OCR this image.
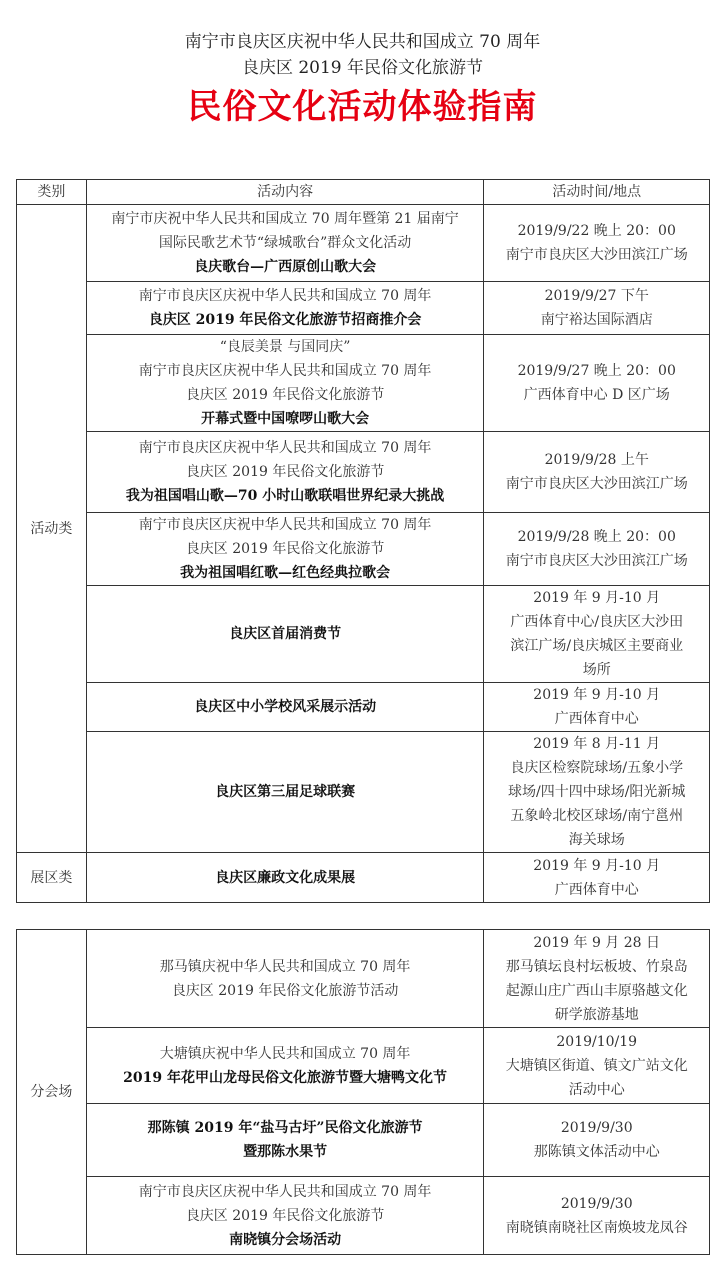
南宁市良庆区庆祝中华人民共和国成立 70 周年
良庆区 2019 年民俗文化旅游节
民俗文化活动体验指南
类别	活动内容	活动时间/地点
活动类	南宁市庆祝中华人民共和国成立 70 周年暨第 21 届南宁
国际民歌艺术节“绿城歌台”群众文化活动
良庆歌台—广西原创山歌大会	2019/9/22 晚上 20：00
南宁市良庆区大沙田滨江广场

	南宁市良庆区庆祝中华人民共和国成立 70 周年
良庆区 2019 年民俗文化旅游节招商推介会	2019/9/27 下午
南宁裕达国际酒店

	“良辰美景 与国同庆”
南宁市良庆区庆祝中华人民共和国成立 70 周年
良庆区 2019 年民俗文化旅游节
开幕式暨中国嘹啰山歌大会	2019/9/27 晚上 20：00
广西体育中心 D 区广场

	南宁市良庆区庆祝中华人民共和国成立 70 周年
良庆区 2019 年民俗文化旅游节
我为祖国唱山歌—70 小时山歌联唱世界纪录大挑战	2019/9/28 上午
南宁市良庆区大沙田滨江广场

	南宁市良庆区庆祝中华人民共和国成立 70 周年
良庆区 2019 年民俗文化旅游节
我为祖国唱红歌—红色经典拉歌会	2019/9/28 晚上 20：00
南宁市良庆区大沙田滨江广场

	良庆区首届消费节	2019 年 9 月-10 月
广西体育中心/良庆区大沙田
滨江广场/良庆城区主要商业
场所

	良庆区中小学校风采展示活动	2019 年 9 月-10 月
广西体育中心

	良庆区第三届足球联赛	2019 年 8 月-11 月
良庆区检察院球场/五象小学
球场/四十四中球场/阳光新城
五象岭北校区球场/南宁邕州
海关球场

展区类	良庆区廉政文化成果展	2019 年 9 月-10 月
广西体育中心
分会场	那马镇庆祝中华人民共和国成立 70 周年
良庆区 2019 年民俗文化旅游节活动	2019 年 9 月 28 日
那马镇坛良村坛板坡、竹泉岛
起源山庄广西山丰原骆越文化
研学旅游基地

	大塘镇庆祝中华人民共和国成立 70 周年
2019 年花甲山龙母民俗文化旅游节暨大塘鸭文化节	2019/10/19
大塘镇区街道、镇文广站文化
活动中心

	那陈镇 2019 年“盐马古圩”民俗文化旅游节
暨那陈水果节	2019/9/30
那陈镇文体活动中心

	南宁市良庆区庆祝中华人民共和国成立 70 周年
良庆区 2019 年民俗文化旅游节
南晓镇分会场活动	2019/9/30
南晓镇南晓社区南焕坡龙凤谷
